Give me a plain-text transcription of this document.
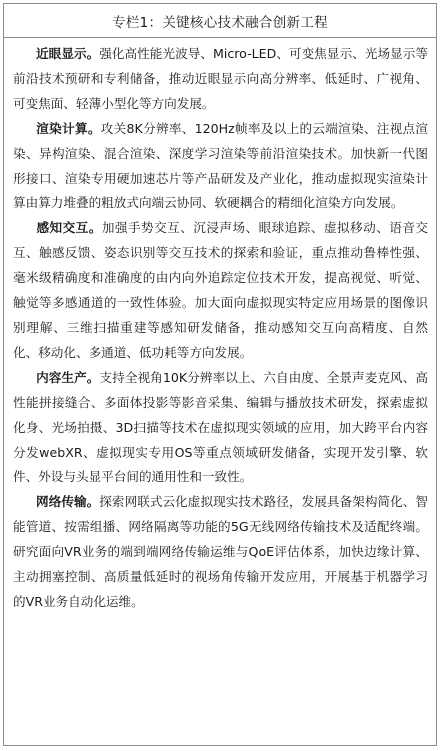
专栏1：关键核心技术融合创新工程

近眼显示。强化高性能光波导、Micro-LED、可变焦显示、光场显示等前沿技术预研和专利储备，推动近眼显示向高分辨率、低延时、广视角、可变焦面、轻薄小型化等方向发展。

渲染计算。攻关8K分辨率、120Hz帧率及以上的云端渲染、注视点渲染、异构渲染、混合渲染、深度学习渲染等前沿渲染技术。加快新一代图形接口、渲染专用硬加速芯片等产品研发及产业化，推动虚拟现实渲染计算由算力堆叠的粗放式向端云协同、软硬耦合的精细化渲染方向发展。

感知交互。加强手势交互、沉浸声场、眼球追踪、虚拟移动、语音交互、触感反馈、姿态识别等交互技术的探索和验证，重点推动鲁棒性强、毫米级精确度和准确度的由内向外追踪定位技术开发，提高视觉、听觉、触觉等多感通道的一致性体验。加大面向虚拟现实特定应用场景的图像识别理解、三维扫描重建等感知研发储备，推动感知交互向高精度、自然化、移动化、多通道、低功耗等方向发展。

内容生产。支持全视角10K分辨率以上、六自由度、全景声麦克风、高性能拼接缝合、多面体投影等影音采集、编辑与播放技术研发，探索虚拟化身、光场拍摄、3D扫描等技术在虚拟现实领域的应用，加大跨平台内容分发webXR、虚拟现实专用OS等重点领域研发储备，实现开发引擎、软件、外设与头显平台间的通用性和一致性。

网络传输。探索网联式云化虚拟现实技术路径，发展具备架构简化、智能管道、按需组播、网络隔离等功能的5G无线网络传输技术及适配终端。研究面向VR业务的端到端网络传输运维与QoE评估体系，加快边缘计算、主动拥塞控制、高质量低延时的视场角传输开发应用，开展基于机器学习的VR业务自动化运维。
